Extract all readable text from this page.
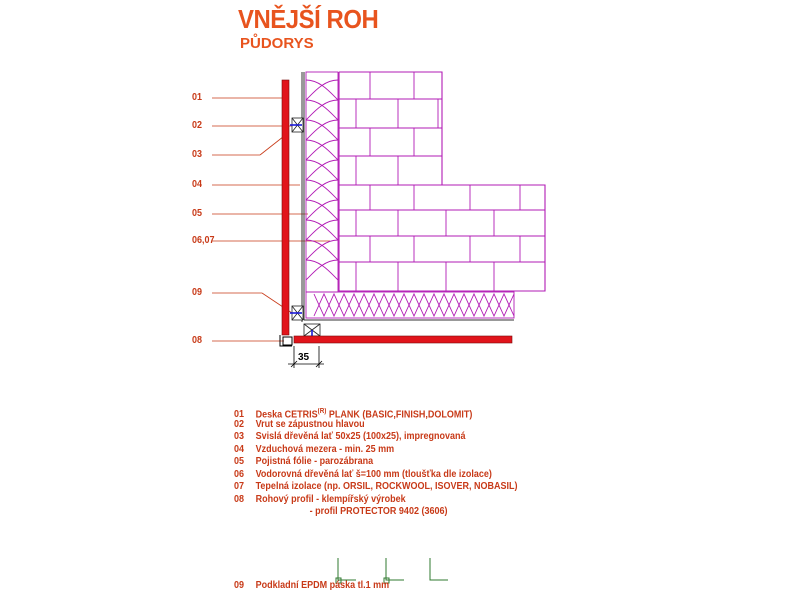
VNĚJŠÍ ROH
PŮDORYS
01
02
03
04
05
06,07
09
08
35
01 Deska $CETRIS^{(R)}$ PLANK (BASIC,FINISH,DOLOMIT)
02 Vrut se zápustnou hlavou
03 Svislá dřevěná lať 50x25 (100x25), impregnovaná
04 Vzduchová mezera - min. 25 mm
05 Pojistná fólie - parozábrana
06 Vodorovná dřevěná lať š=100 mm (tloušťka dle izolace)
07 Tepelná izolace (np. ORSIL, ROCKWOOL, ISOVER, NOBASIL)
08 Rohový profil - klempířský výrobek
- profil PROTECTOR 9402 (3606)
09 Podkladní EPDM páska tl.1 mm
